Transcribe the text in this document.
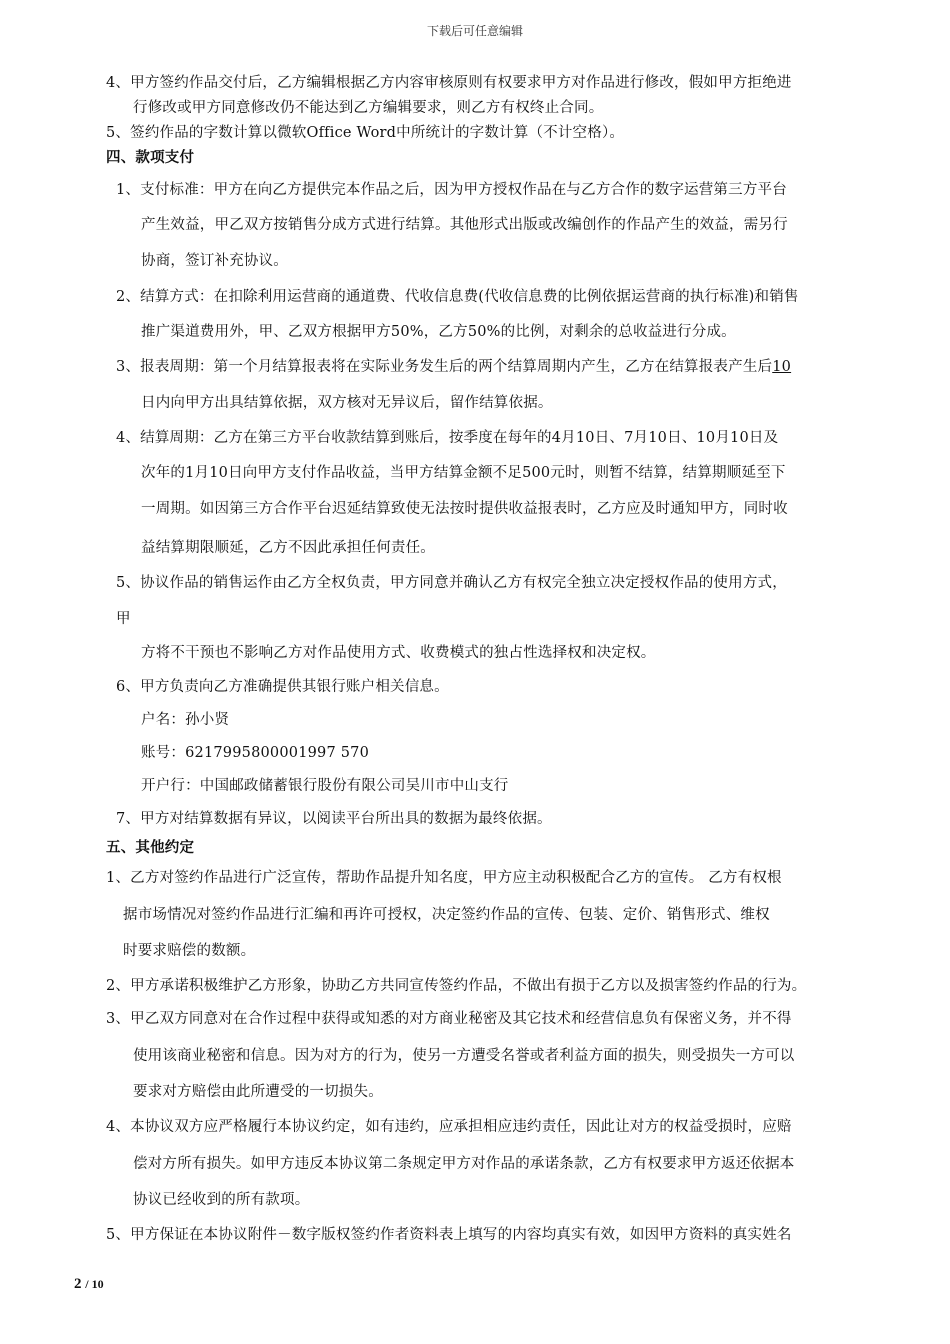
下载后可任意编辑
4、甲方签约作品交付后，乙方编辑根据乙方内容审核原则有权要求甲方对作品进行修改，假如甲方拒绝进
行修改或甲方同意修改仍不能达到乙方编辑要求，则乙方有权终止合同。
5、签约作品的字数计算以微软Office Word中所统计的字数计算（不计空格）。
四、款项支付
1、支付标准：甲方在向乙方提供完本作品之后，因为甲方授权作品在与乙方合作的数字运营第三方平台
产生效益，甲乙双方按销售分成方式进行结算。其他形式出版或改编创作的作品产生的效益，需另行
协商，签订补充协议。
2、结算方式：在扣除利用运营商的通道费、代收信息费(代收信息费的比例依据运营商的执行标准)和销售
推广渠道费用外，甲、乙双方根据甲方50%，乙方50%的比例，对剩余的总收益进行分成。
3、报表周期：第一个月结算报表将在实际业务发生后的两个结算周期内产生，乙方在结算报表产生后10
日内向甲方出具结算依据，双方核对无异议后，留作结算依据。
4、结算周期：乙方在第三方平台收款结算到账后，按季度在每年的4月10日、7月10日、10月10日及
次年的1月10日向甲方支付作品收益，当甲方结算金额不足500元时，则暂不结算，结算期顺延至下
一周期。如因第三方合作平台迟延结算致使无法按时提供收益报表时，乙方应及时通知甲方，同时收
益结算期限顺延，乙方不因此承担任何责任。
5、协议作品的销售运作由乙方全权负责，甲方同意并确认乙方有权完全独立决定授权作品的使用方式，
甲
方将不干预也不影响乙方对作品使用方式、收费模式的独占性选择权和决定权。
6、甲方负责向乙方准确提供其银行账户相关信息。
户名：孙小贤
账号：6217995800001997 570
开户行：中国邮政储蓄银行股份有限公司吴川市中山支行
7、甲方对结算数据有异议，以阅读平台所出具的数据为最终依据。
五、其他约定
1、乙方对签约作品进行广泛宣传，帮助作品提升知名度，甲方应主动积极配合乙方的宣传。 乙方有权根
据市场情况对签约作品进行汇编和再许可授权，决定签约作品的宣传、包装、定价、销售形式、维权
时要求赔偿的数额。
2、甲方承诺积极维护乙方形象，协助乙方共同宣传签约作品，不做出有损于乙方以及损害签约作品的行为。
3、甲乙双方同意对在合作过程中获得或知悉的对方商业秘密及其它技术和经营信息负有保密义务，并不得
使用该商业秘密和信息。因为对方的行为，使另一方遭受名誉或者利益方面的损失，则受损失一方可以
要求对方赔偿由此所遭受的一切损失。
4、本协议双方应严格履行本协议约定，如有违约，应承担相应违约责任，因此让对方的权益受损时，应赔
偿对方所有损失。如甲方违反本协议第二条规定甲方对作品的承诺条款，乙方有权要求甲方返还依据本
协议已经收到的所有款项。
5、甲方保证在本协议附件－数字版权签约作者资料表上填写的内容均真实有效，如因甲方资料的真实姓名
2 / 10
